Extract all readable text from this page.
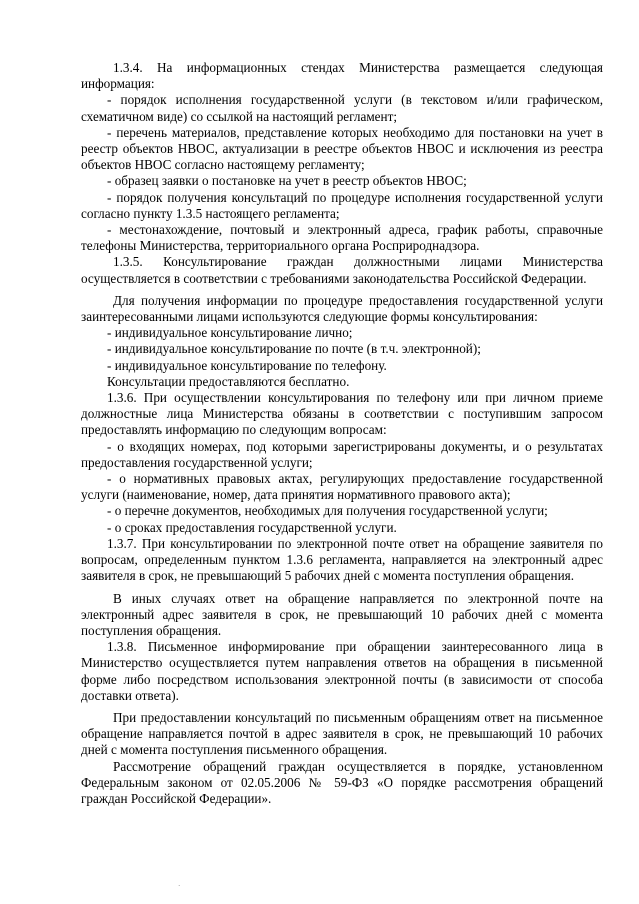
1.3.4. На информационных стендах Министерства размещается следующая информация:

- порядок исполнения государственной услуги (в текстовом и/или графическом, схематичном виде) со ссылкой на настоящий регламент;

- перечень материалов, представление которых необходимо для постановки на учет в реестр объектов НВОС, актуализации в реестре объектов НВОС и исключения из реестра объектов НВОС согласно настоящему регламенту;

- образец заявки о постановке на учет в реестр объектов НВОС;

- порядок получения консультаций по процедуре исполнения государственной услуги согласно пункту 1.3.5 настоящего регламента;

- местонахождение, почтовый и электронный адреса, график работы, справочные телефоны Министерства, территориального органа Росприроднадзора.

1.3.5. Консультирование граждан должностными лицами Министерства осуществляется в соответствии с требованиями законодательства Российской Федерации.

Для получения информации по процедуре предоставления государственной услуги заинтересованными лицами используются следующие формы консультирования:

- индивидуальное консультирование лично;

- индивидуальное консультирование по почте (в т.ч. электронной);

- индивидуальное консультирование по телефону.

Консультации предоставляются бесплатно.

1.3.6. При осуществлении консультирования по телефону или при личном приеме должностные лица Министерства обязаны в соответствии с поступившим запросом предоставлять информацию по следующим вопросам:

- о входящих номерах, под которыми зарегистрированы документы, и о результатах предоставления государственной услуги;

- о нормативных правовых актах, регулирующих предоставление государственной услуги (наименование, номер, дата принятия нормативного правового акта);

- о перечне документов, необходимых для получения государственной услуги;

- о сроках предоставления государственной услуги.

1.3.7. При консультировании по электронной почте ответ на обращение заявителя по вопросам, определенным пунктом 1.3.6 регламента, направляется на электронный адрес заявителя в срок, не превышающий 5 рабочих дней с момента поступления обращения.

В иных случаях ответ на обращение направляется по электронной почте на электронный адрес заявителя в срок, не превышающий 10 рабочих дней с момента поступления обращения.

1.3.8. Письменное информирование при обращении заинтересованного лица в Министерство осуществляется путем направления ответов на обращения в письменной форме либо посредством использования электронной почты (в зависимости от способа доставки ответа).

При предоставлении консультаций по письменным обращениям ответ на письменное обращение направляется почтой в адрес заявителя в срок, не превышающий 10 рабочих дней с момента поступления письменного обращения.

Рассмотрение обращений граждан осуществляется в порядке, установленном Федеральным законом от 02.05.2006 № 59-ФЗ «О порядке рассмотрения обращений граждан Российской Федерации».

·
